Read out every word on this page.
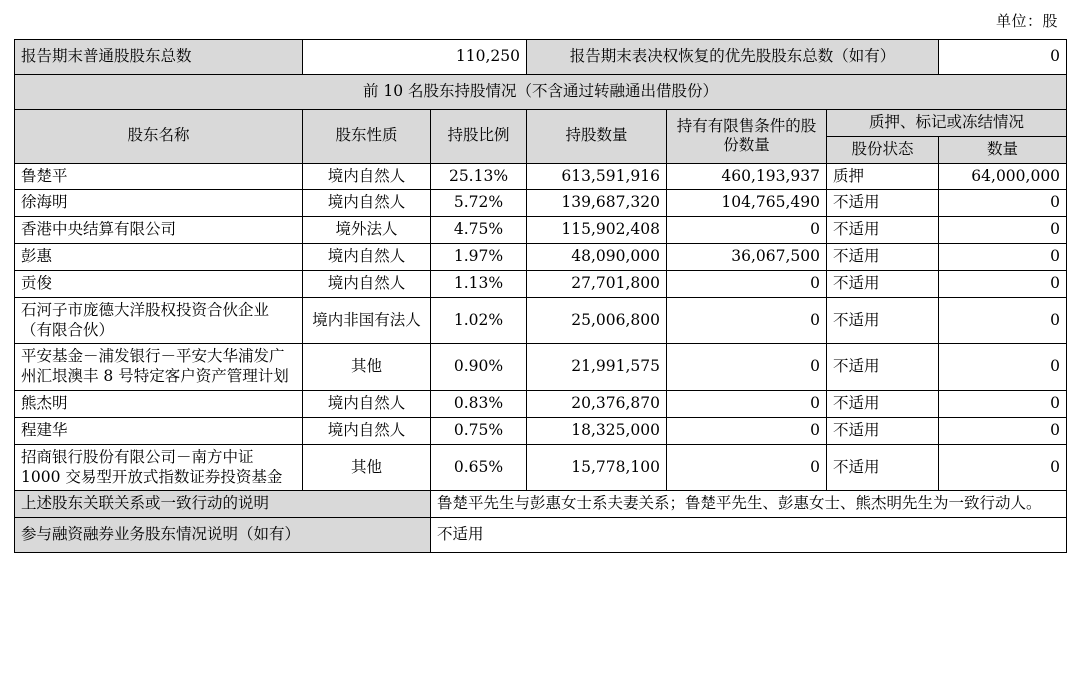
单位：股
报告期末普通股股东总数	110,250		报告期末表决权恢复的优先股股东总数（如有）			0
前 10 名股东持股情况（不含通过转融通出借股份）						
股东名称	股东性质	持股比例	持股数量	持有有限售条件的股份数量	质押、标记或冻结情况	
					股份状态	数量
鲁楚平	境内自然人	25.13%	613,591,916	460,193,937	质押	64,000,000
徐海明	境内自然人	5.72%	139,687,320	104,765,490	不适用	0
香港中央结算有限公司	境外法人	4.75%	115,902,408	0	不适用	0
彭惠	境内自然人	1.97%	48,090,000	36,067,500	不适用	0
贡俊	境内自然人	1.13%	27,701,800	0	不适用	0
石河子市庞德大洋股权投资合伙企业（有限合伙）	境内非国有法人	1.02%	25,006,800	0	不适用	0
平安基金－浦发银行－平安大华浦发广州汇垠澳丰 8 号特定客户资产管理计划	其他	0.90%	21,991,575	0	不适用	0
熊杰明	境内自然人	0.83%	20,376,870	0	不适用	0
程建华	境内自然人	0.75%	18,325,000	0	不适用	0
招商银行股份有限公司－南方中证 1000 交易型开放式指数证券投资基金	其他	0.65%	15,778,100	0	不适用	0
上述股东关联关系或一致行动的说明		鲁楚平先生与彭惠女士系夫妻关系；鲁楚平先生、彭惠女士、熊杰明先生为一致行动人。				
参与融资融券业务股东情况说明（如有）		不适用				
